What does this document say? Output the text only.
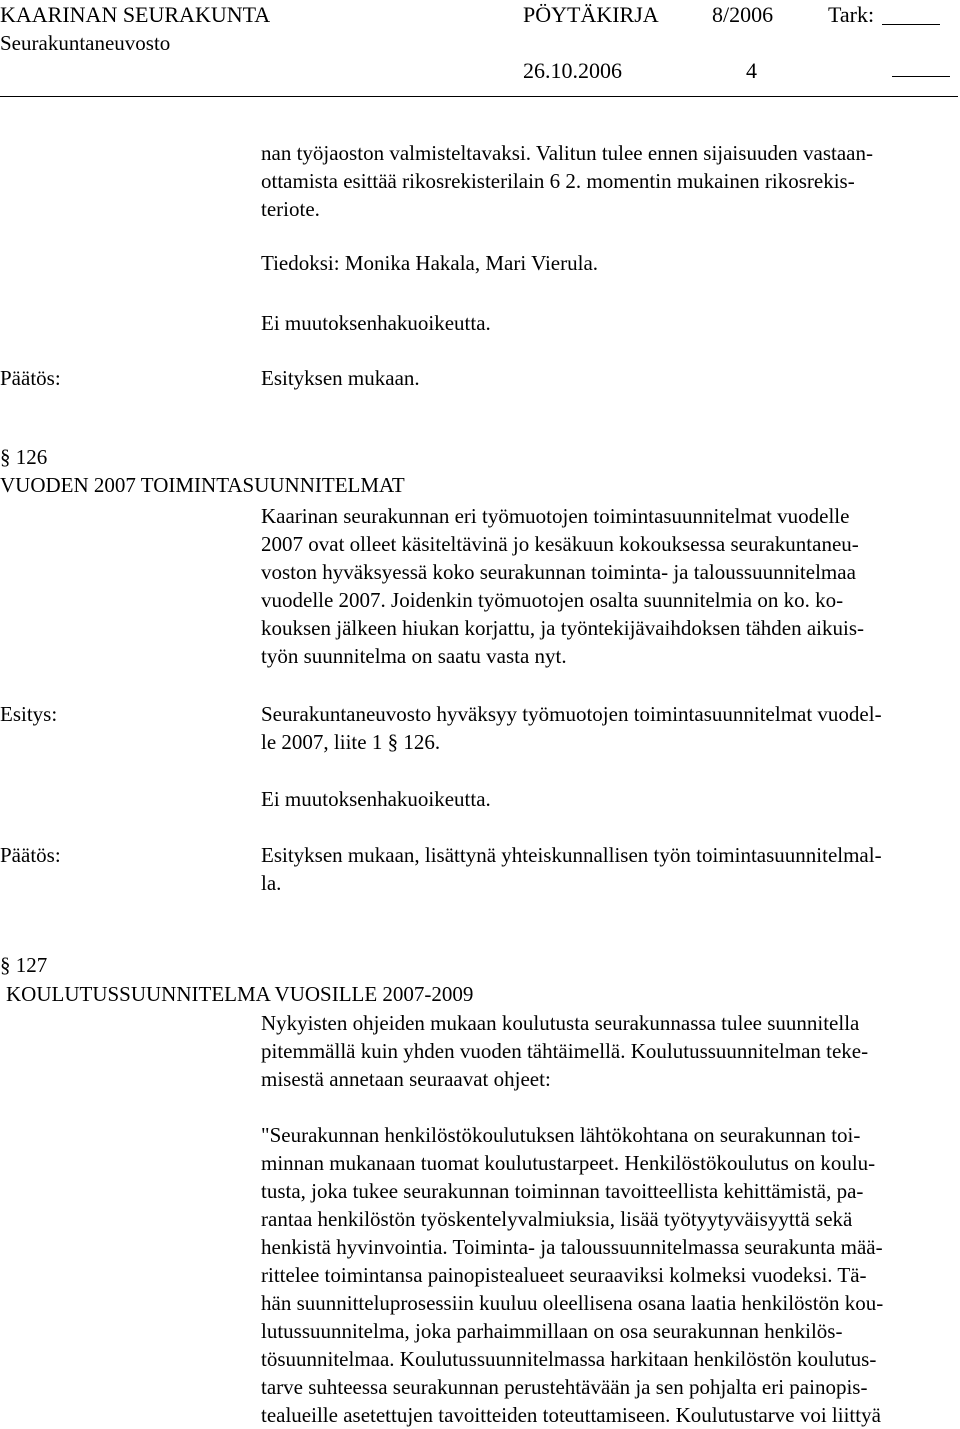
KAARINAN SEURAKUNTA	PÖYTÄKIRJA 8/2006 Tark:
Seurakuntaneuvosto
26.10.2006	4
nan työjaoston valmisteltavaksi. Valitun tulee ennen sijaisuuden vastaan-
ottamista esittää rikosrekisterilain 6 2. momentin mukainen rikosrekis-
teriote.
Tiedoksi: Monika Hakala, Mari Vierula.
Ei muutoksenhakuoikeutta.
Päätös:	Esityksen mukaan.
§ 126
VUODEN 2007 TOIMINTASUUNNITELMAT
Kaarinan seurakunnan eri työmuotojen toimintasuunnitelmat vuodelle
2007 ovat olleet käsiteltävinä jo kesäkuun kokouksessa seurakuntaneu-
voston hyväksyessä koko seurakunnan toiminta- ja taloussuunnitelmaa
vuodelle 2007. Joidenkin työmuotojen osalta suunnitelmia on ko. ko-
kouksen jälkeen hiukan korjattu, ja työntekijävaihdoksen tähden aikuis-
työn suunnitelma on saatu vasta nyt.
Esitys:	Seurakuntaneuvosto hyväksyy työmuotojen toimintasuunnitelmat vuodel-
le 2007, liite 1 § 126.
Ei muutoksenhakuoikeutta.
Päätös:	Esityksen mukaan, lisättynä yhteiskunnallisen työn toimintasuunnitelmal-
la.
§ 127
KOULUTUSSUUNNITELMA VUOSILLE 2007-2009
Nykyisten ohjeiden mukaan koulutusta seurakunnassa tulee suunnitella
pitemmällä kuin yhden vuoden tähtäimellä. Koulutussuunnitelman teke-
misestä annetaan seuraavat ohjeet:
"Seurakunnan henkilöstökoulutuksen lähtökohtana on seurakunnan toi-
minnan mukanaan tuomat koulutustarpeet. Henkilöstökoulutus on koulu-
tusta, joka tukee seurakunnan toiminnan tavoitteellista kehittämistä, pa-
rantaa henkilöstön työskentelyvalmiuksia, lisää työtyytyväisyyttä sekä
henkistä hyvinvointia. Toiminta- ja taloussuunnitelmassa seurakunta mää-
rittelee toimintansa painopistealueet seuraaviksi kolmeksi vuodeksi. Tä-
hän suunnitteluprosessiin kuuluu oleellisena osana laatia henkilöstön kou-
lutussuunnitelma, joka parhaimmillaan on osa seurakunnan henkilös-
tösuunnitelmaa. Koulutussuunnitelmassa harkitaan henkilöstön koulutus-
tarve suhteessa seurakunnan perustehtävään ja sen pohjalta eri painopis-
tealueille asetettujen tavoitteiden toteuttamiseen. Koulutustarve voi liittyä
